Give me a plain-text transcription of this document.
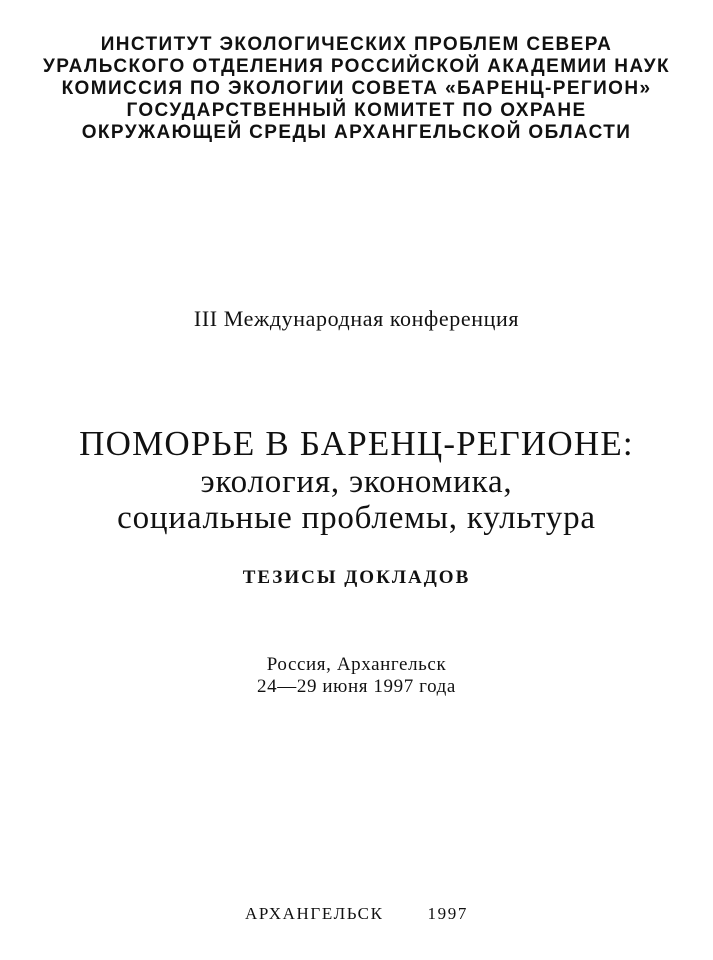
ИНСТИТУТ ЭКОЛОГИЧЕСКИХ ПРОБЛЕМ СЕВЕРА
УРАЛЬСКОГО ОТДЕЛЕНИЯ РОССИЙСКОЙ АКАДЕМИИ НАУК
КОМИССИЯ ПО ЭКОЛОГИИ СОВЕТА «БАРЕНЦ-РЕГИОН»
ГОСУДАРСТВЕННЫЙ КОМИТЕТ ПО ОХРАНЕ
ОКРУЖАЮЩЕЙ СРЕДЫ АРХАНГЕЛЬСКОЙ ОБЛАСТИ
III Международная конференция
ПОМОРЬЕ В БАРЕНЦ-РЕГИОНЕ:
экология, экономика,
социальные проблемы, культура
ТЕЗИСЫ ДОКЛАДОВ
Россия, Архангельск
24—29 июня 1997 года
АРХАНГЕЛЬСК	1997
